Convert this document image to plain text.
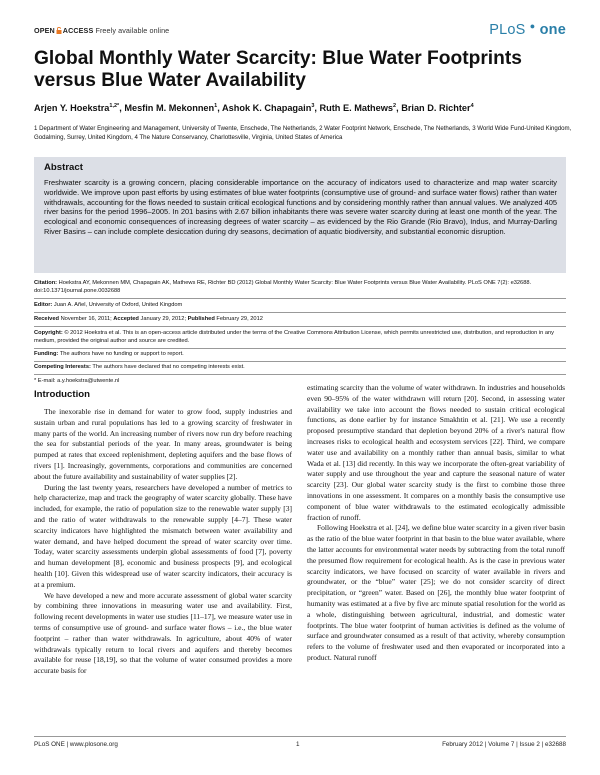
OPEN ACCESS Freely available online	PLoS ● one
Global Monthly Water Scarcity: Blue Water Footprints versus Blue Water Availability
Arjen Y. Hoekstra$^{1,2*}$, Mesfin M. Mekonnen$^1$, Ashok K. Chapagain$^3$, Ruth E. Mathews$^2$, Brian D. Richter$^4$
1 Department of Water Engineering and Management, University of Twente, Enschede, The Netherlands, 2 Water Footprint Network, Enschede, The Netherlands, 3 World Wide Fund-United Kingdom, Godalming, Surrey, United Kingdom, 4 The Nature Conservancy, Charlottesville, Virginia, United States of America
Abstract
Freshwater scarcity is a growing concern, placing considerable importance on the accuracy of indicators used to characterize and map water scarcity worldwide. We improve upon past efforts by using estimates of blue water footprints (consumptive use of ground- and surface water flows) rather than water withdrawals, accounting for the flows needed to sustain critical ecological functions and by considering monthly rather than annual values. We analyzed 405 river basins for the period 1996–2005. In 201 basins with 2.67 billion inhabitants there was severe water scarcity during at least one month of the year. The ecological and economic consequences of increasing degrees of water scarcity – as evidenced by the Rio Grande (Rio Bravo), Indus, and Murray-Darling River Basins – can include complete desiccation during dry seasons, decimation of aquatic biodiversity, and substantial economic disruption.
Citation: Hoekstra AY, Mekonnen MM, Chapagain AK, Mathews RE, Richter BD (2012) Global Monthly Water Scarcity: Blue Water Footprints versus Blue Water Availability. PLoS ONE 7(2): e32688. doi:10.1371/journal.pone.0032688
Editor: Juan A. Añel, University of Oxford, United Kingdom
Received November 16, 2011; Accepted January 29, 2012; Published February 29, 2012
Copyright: © 2012 Hoekstra et al. This is an open-access article distributed under the terms of the Creative Commons Attribution License, which permits unrestricted use, distribution, and reproduction in any medium, provided the original author and source are credited.
Funding: The authors have no funding or support to report.
Competing Interests: The authors have declared that no competing interests exist.
* E-mail: a.y.hoekstra@utwente.nl
Introduction

The inexorable rise in demand for water to grow food, supply industries and sustain urban and rural populations has led to a growing scarcity of freshwater in many parts of the world. An increasing number of rivers now run dry before reaching the sea for substantial periods of the year. In many areas, groundwater is being pumped at rates that exceed replenishment, depleting aquifers and the base flows of rivers [1]. Increasingly, governments, corporations and communities are concerned about the future availability and sustainability of water supplies [2].

During the last twenty years, researchers have developed a number of metrics to help characterize, map and track the geography of water scarcity globally. These have included, for example, the ratio of population size to the renewable water supply [3] and the ratio of water withdrawals to the renewable supply [4–7]. These water scarcity indicators have highlighted the mismatch between water availability and water demand, and have helped document the spread of water scarcity over time. Today, water scarcity assessments underpin global assessments of food [7], poverty and human development [8], economic and business prospects [9], and ecological health [10]. Given this widespread use of water scarcity indicators, their accuracy is at a premium.

We have developed a new and more accurate assessment of global water scarcity by combining three innovations in measuring water use and availability. First, following recent developments in water use studies [11–17], we measure water use in terms of consumptive use of ground- and surface water flows – i.e., the blue water footprint – rather than water withdrawals. In agriculture, about 40% of water withdrawals typically return to local rivers and aquifers and thereby becomes available for reuse [18,19], so that the volume of water consumed provides a more accurate basis for

estimating scarcity than the volume of water withdrawn. In industries and households even 90–95% of the water withdrawn will return [20]. Second, in assessing water availability we take into account the flows needed to sustain critical ecological functions, as done earlier by for instance Smakhtin et al. [21]. We use a recently proposed presumptive standard that depletion beyond 20% of a river's natural flow increases risks to ecological health and ecosystem services [22]. Third, we compare water use and availability on a monthly rather than annual basis, similar to what Wada et al. [13] did recently. In this way we incorporate the often-great variability of water supply and use throughout the year and capture the seasonal nature of water scarcity [23]. Our global water scarcity study is the first to combine those three innovations in one assessment. It compares on a monthly basis the consumptive use component of blue water withdrawals to the estimated ecologically admissible fraction of runoff.

Following Hoekstra et al. [24], we define blue water scarcity in a given river basin as the ratio of the blue water footprint in that basin to the blue water available, where the latter accounts for environmental water needs by subtracting from the total runoff the presumed flow requirement for ecological health. As is the case in previous water scarcity indicators, we have focused on scarcity of water available in rivers and groundwater, or the “blue” water [25]; we do not consider scarcity of direct precipitation, or “green” water. Based on [26], the monthly blue water footprint of humanity was estimated at a five by five arc minute spatial resolution for the world as a whole, distinguishing between agricultural, industrial, and domestic water footprints. The blue water footprint of human activities is defined as the volume of surface and groundwater consumed as a result of that activity, whereby consumption refers to the volume of freshwater used and then evaporated or incorporated into a product. Natural runoff

PLoS ONE | www.plosone.org	1	February 2012 | Volume 7 | Issue 2 | e32688
